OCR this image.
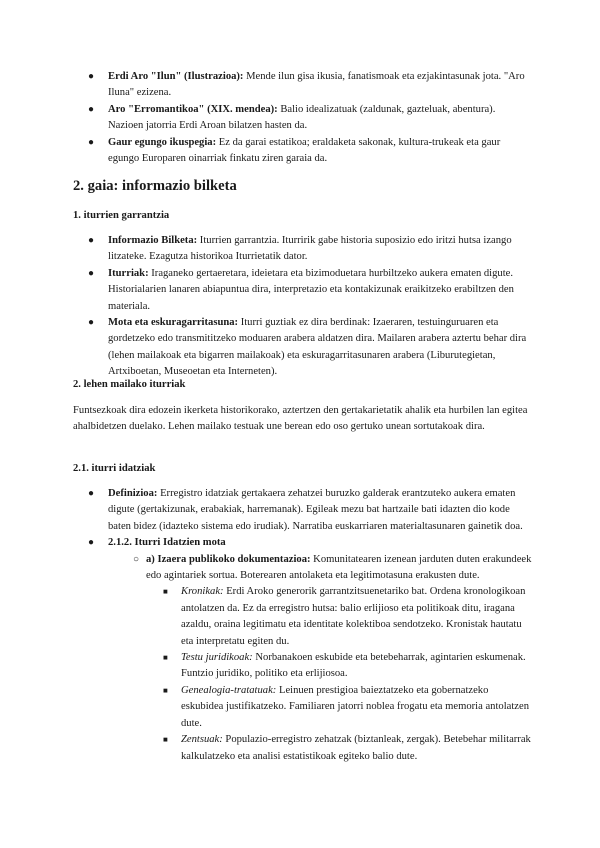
● Erdi Aro "Ilun" (Ilustrazioa): Mende ilun gisa ikusia, fanatismoak eta ezjakintasunak jota. "Aro Iluna" ezizena.
● Aro "Erromantikoa" (XIX. mendea): Balio idealizatuak (zaldunak, gazteluak, abentura). Nazioen jatorria Erdi Aroan bilatzen hasten da.
● Gaur egungo ikuspegia: Ez da garai estatikoa; eraldaketa sakonak, kultura-trukeak eta gaur egungo Europaren oinarriak finkatu ziren garaia da.
2. gaia: informazio bilketa
1. iturrien garrantzia
● Informazio Bilketa: Iturrien garrantzia. Iturririk gabe historia suposizio edo iritzi hutsa izango litzateke. Ezagutza historikoa Iturrietatik dator.
● Iturriak: Iraganeko gertaeretara, ideietara eta bizimoduetara hurbiltzeko aukera ematen digute. Historialarien lanaren abiapuntua dira, interpretazio eta kontakizunak eraikitzeko erabiltzen den materiala.
● Mota eta eskuragarritasuna: Iturri guztiak ez dira berdinak: Izaeraren, testuinguruaren eta gordetzeko edo transmititzeko moduaren arabera aldatzen dira. Mailaren arabera aztertu behar dira (lehen mailakoak eta bigarren mailakoak) eta eskuragarritasunaren arabera (Liburutegietan, Artxiboetan, Museoetan eta Interneten).
2. lehen mailako iturriak

Funtsezkoak dira edozein ikerketa historikorako, aztertzen den gertakarietatik ahalik eta hurbilen lan egitea ahalbidetzen duelako. Lehen mailako testuak une berean edo oso gertuko unean sortutakoak dira.

2.1. iturri idatziak
● Definizioa: Erregistro idatziak gertakaera zehatzei buruzko galderak erantzuteko aukera ematen digute (gertakizunak, erabakiak, harremanak). Egileak mezu bat hartzaile bati idazten dio kode baten bidez (idazteko sistema edo irudiak). Narratiba euskarriaren materialtasunaren gainetik doa.
● 2.1.2. Iturri Idatzien mota
○ a) Izaera publikoko dokumentazioa: Komunitatearen izenean jarduten duten erakundeek edo agintariek sortua. Boterearen antolaketa eta legitimotasuna erakusten dute.
■ Kronikak: Erdi Aroko generorik garrantzitsuenetariko bat. Ordena kronologikoan antolatzen da. Ez da erregistro hutsa: balio erlijioso eta politikoak ditu, iragana azaldu, oraina legitimatu eta identitate kolektiboa sendotzeko. Kronistak hautatu eta interpretatu egiten du.
■ Testu juridikoak: Norbanakoen eskubide eta betebeharrak, agintarien eskumenak. Funtzio juridiko, politiko eta erlijiosoa.
■ Genealogia-tratatuak: Leinuen prestigioa baieztatzeko eta gobernatzeko eskubidea justifikatzeko. Familiaren jatorri noblea frogatu eta memoria antolatzen dute.
■ Zentsuak: Populazio-erregistro zehatzak (biztanleak, zergak). Betebehar militarrak kalkulatzeko eta analisi estatistikoak egiteko balio dute.
